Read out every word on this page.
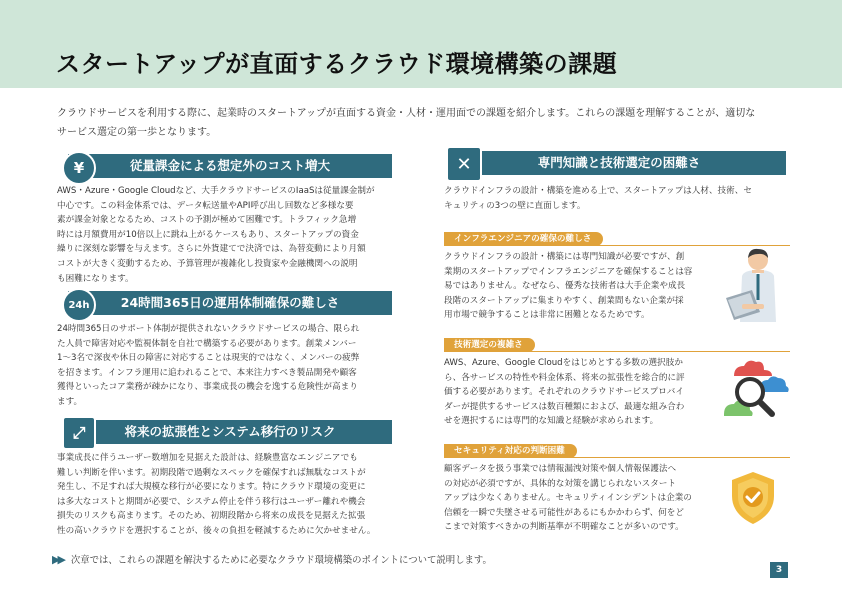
スタートアップが直面するクラウド環境構築の課題
クラウドサービスを利用する際に、起業時のスタートアップが直面する資金・人材・運用面での課題を紹介します。これらの課題を理解することが、適切な
サービス選定の第一歩となります。
従量課金による想定外のコスト増大
¥
AWS・Azure・Google Cloudなど、大手クラウドサービスのIaaSは従量課金制が
中心です。この料金体系では、データ転送量やAPI呼び出し回数など多様な要
素が課金対象となるため、コストの予測が極めて困難です。トラフィック急増
時には月額費用が10倍以上に跳ね上がるケースもあり、スタートアップの資金
繰りに深刻な影響を与えます。さらに外貨建てで決済では、為替変動により月額
コストが大きく変動するため、予算管理が複雑化し投資家や金融機関への説明
も困難になります。
24時間365日の運用体制確保の難しさ
24h
24時間365日のサポート体制が提供されないクラウドサービスの場合、限られ
た人員で障害対応や監視体制を自社で構築する必要があります。創業メンバー
1〜3名で深夜や休日の障害に対応することは現実的ではなく、メンバーの疲弊
を招きます。インフラ運用に追われることで、本来注力すべき製品開発や顧客
獲得といったコア業務が疎かになり、事業成長の機会を逸する危険性が高まり
ます。
将来の拡張性とシステム移行のリスク
⤢
事業成長に伴うユーザー数増加を見据えた設計は、経験豊富なエンジニアでも
難しい判断を伴います。初期段階で過剰なスペックを確保すれば無駄なコストが
発生し、不足すれば大規模な移行が必要になります。特にクラウド環境の変更に
は多大なコストと期間が必要で、システム停止を伴う移行はユーザー離れや機会
損失のリスクも高まります。そのため、初期段階から将来の成長を見据えた拡張
性の高いクラウドを選択することが、後々の負担を軽減するために欠かせません。
専門知識と技術選定の困難さ
✕
クラウドインフラの設計・構築を進める上で、スタートアップは人材、技術、セ
キュリティの3つの壁に直面します。
インフラエンジニアの確保の難しさ
クラウドインフラの設計・構築には専門知識が必要ですが、創
業期のスタートアップでインフラエンジニアを確保することは容
易ではありません。なぜなら、優秀な技術者は大手企業や成長
段階のスタートアップに集まりやすく、創業間もない企業が採
用市場で競争することは非常に困難となるためです。
技術選定の複雑さ
AWS、Azure、Google Cloudをはじめとする多数の選択肢か
ら、各サービスの特性や料金体系、将来の拡張性を総合的に評
価する必要があります。それぞれのクラウドサービスプロバイ
ダーが提供するサービスは数百種類におよび、最適な組み合わ
せを選択するには専門的な知識と経験が求められます。
セキュリティ対応の判断困難
顧客データを扱う事業では情報漏洩対策や個人情報保護法へ
の対応が必須ですが、具体的な対策を講じられないスタート
アップは少なくありません。セキュリティインシデントは企業の
信頼を一瞬で失墜させる可能性があるにもかかわらず、何をど
こまで対策すべきかの判断基準が不明確なことが多いのです。
▶▶ 次章では、これらの課題を解決するために必要なクラウド環境構築のポイントについて説明します。
3
